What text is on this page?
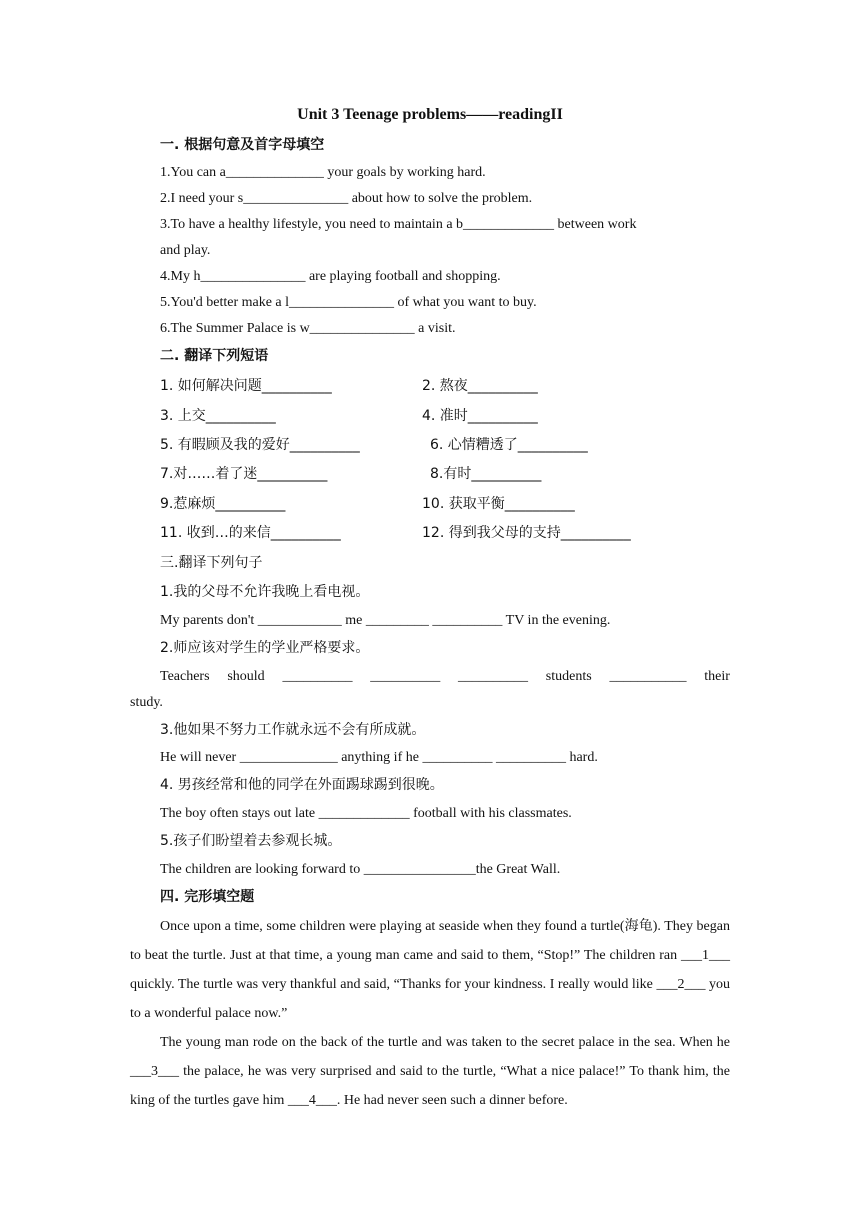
Unit 3 Teenage problems——readingII
一. 根据句意及首字母填空
1.You can a______________ your goals by working hard.
2.I need your s_______________ about how to solve the problem.
3.To have a healthy lifestyle, you need to maintain a b_____________ between work
and play.
4.My h_______________ are playing football and shopping.
5.You'd better make a l_______________ of what you want to buy.
6.The Summer Palace is w_______________ a visit.
二. 翻译下列短语
1. 如何解决问题__________	2. 熬夜__________
3. 上交__________	4. 准时__________
5. 有暇顾及我的爱好__________	6. 心情糟透了__________
7.对……着了迷__________	8.有时__________
9.惹麻烦__________	10. 获取平衡__________
11. 收到…的来信__________	12. 得到我父母的支持__________
三.翻译下列句子
1.我的父母不允许我晚上看电视。
My parents don't ____________ me _________ __________ TV in the evening.
2.师应该对学生的学业严格要求。
Teachers should __________ __________ __________ students ___________ their
study.
3.他如果不努力工作就永远不会有所成就。
He will never ______________ anything if he __________ __________ hard.
4. 男孩经常和他的同学在外面踢球踢到很晚。
The boy often stays out late _____________ football with his classmates.
5.孩子们盼望着去参观长城。
The children are looking forward to ________________the Great Wall.
四. 完形填空题
Once upon a time, some children were playing at seaside when they found a turtle(海龟). They began to beat the turtle. Just at that time, a young man came and said to them, “Stop!” The children ran ___1___ quickly. The turtle was very thankful and said, “Thanks for your kindness. I really would like ___2___ you to a wonderful palace now.”
The young man rode on the back of the turtle and was taken to the secret palace in the sea. When he ___3___ the palace, he was very surprised and said to the turtle, “What a nice palace!” To thank him, the king of the turtles gave him ___4___. He had never seen such a dinner before.
